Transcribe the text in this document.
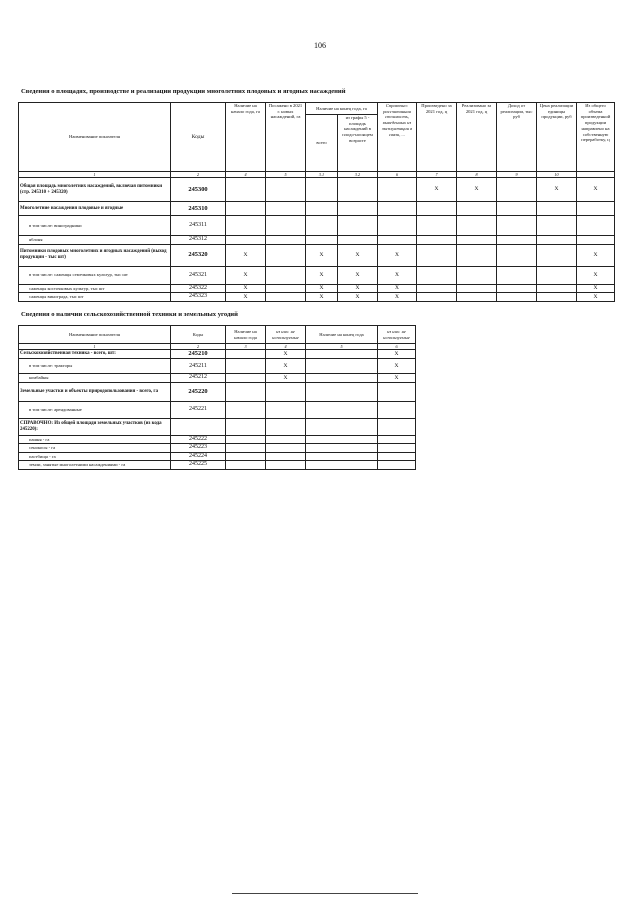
106
Сведения о площадях, производстве и реализации продукции многолетних плодовых и ягодных насаждений
Наименование показателя	Коды	Наличие на начало года, га	Посажено в 2021 г. новых насаждений, га	Наличие на конец года, га		Справочно: рассчитанная стоимость, выведенных из эксплуатации в связи, ...	Произведено за 2021 год, ц	Реализовано за 2021 год, ц	Доход от реализации, тыс руб	Цена реализации единицы продукции, руб	Из общего объема произведенной продукции направлено на собственную переработку, ц
				всего	из графы 5 - площадь насаждений в плодо-носящем возрасте						
1	2	4	5	3.1	3.2	6	7	8	9	10	
Общая площадь многолетних насаждений, включая питомники (стр. 245310 + 245320)	245300						X	X		X	X
Многолетние насаждения плодовые и ягодные	245310										
в том числе: виноградники	245311										
яблоня	245312										
Питомники плодовых многолетних и ягодных насаждений (выход продукции - тыс шт)	245320	X		X	X	X					X
в том числе: саженцы семечковых культур, тыс шт	245321	X		X	X	X					X
саженцы косточковых культур, тыс шт	245322	X		X	X	X					X
саженцы винограда, тыс шт	245323	X		X	X	X					X
Сведения о наличии сельскохозяйственной техники и земельных угодий
Наименование показателя	Коды	Наличие на начало года	из них: не используемые	Наличие на конец года	из них: не используемые
1	2	3	4	5	6
Сельскохозяйственная техника - всего, шт:	245210		X		X
в том числе: тракторы	245211		X		X
комбайны	245212		X		X
Земельные участки и объекты природопользования - всего, га	245220				
в том числе: арендованные	245221				
СПРАВОЧНО: Из общей площади земельных участков (из кода 245220):					
пашня - га	245222				
сенокосы - га	245223				
пастбища - га	245224				
земли, занятые многолетними насаждениями - га	245225				
